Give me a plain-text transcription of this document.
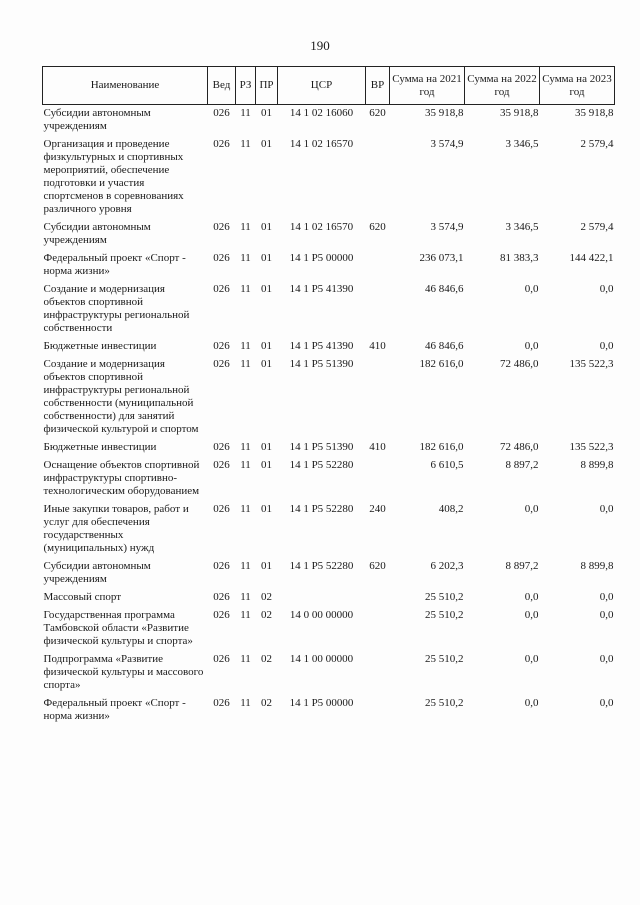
190
Наименование	Вед	РЗ	ПР	ЦСР	ВР	Сумма на 2021 год	Сумма на 2022 год	Сумма на 2023 год
Субсидии автономным учреждениям	026	11	01	14 1 02 16060	620	35 918,8	35 918,8	35 918,8
Организация и проведение физкультурных и спортивных мероприятий, обеспечение подготовки и участия спортсменов в соревнованиях различного уровня	026	11	01	14 1 02 16570		3 574,9	3 346,5	2 579,4
Субсидии автономным учреждениям	026	11	01	14 1 02 16570	620	3 574,9	3 346,5	2 579,4
Федеральный проект «Спорт - норма жизни»	026	11	01	14 1 P5 00000		236 073,1	81 383,3	144 422,1
Создание и модернизация объектов спортивной инфраструктуры региональной собственности	026	11	01	14 1 P5 41390		46 846,6	0,0	0,0
Бюджетные инвестиции	026	11	01	14 1 P5 41390	410	46 846,6	0,0	0,0
Создание и модернизация объектов спортивной инфраструктуры региональной собственности (муниципальной собственности) для занятий физической культурой и спортом	026	11	01	14 1 P5 51390		182 616,0	72 486,0	135 522,3
Бюджетные инвестиции	026	11	01	14 1 P5 51390	410	182 616,0	72 486,0	135 522,3
Оснащение объектов спортивной инфраструктуры спортивно-технологическим оборудованием	026	11	01	14 1 P5 52280		6 610,5	8 897,2	8 899,8
Иные закупки товаров, работ и услуг для обеспечения государственных (муниципальных) нужд	026	11	01	14 1 P5 52280	240	408,2	0,0	0,0
Субсидии автономным учреждениям	026	11	01	14 1 P5 52280	620	6 202,3	8 897,2	8 899,8
Массовый спорт	026	11	02			25 510,2	0,0	0,0
Государственная программа Тамбовской области «Развитие физической культуры и спорта»	026	11	02	14 0 00 00000		25 510,2	0,0	0,0
Подпрограмма «Развитие физической культуры и массового спорта»	026	11	02	14 1 00 00000		25 510,2	0,0	0,0
Федеральный проект «Спорт - норма жизни»	026	11	02	14 1 P5 00000		25 510,2	0,0	0,0
